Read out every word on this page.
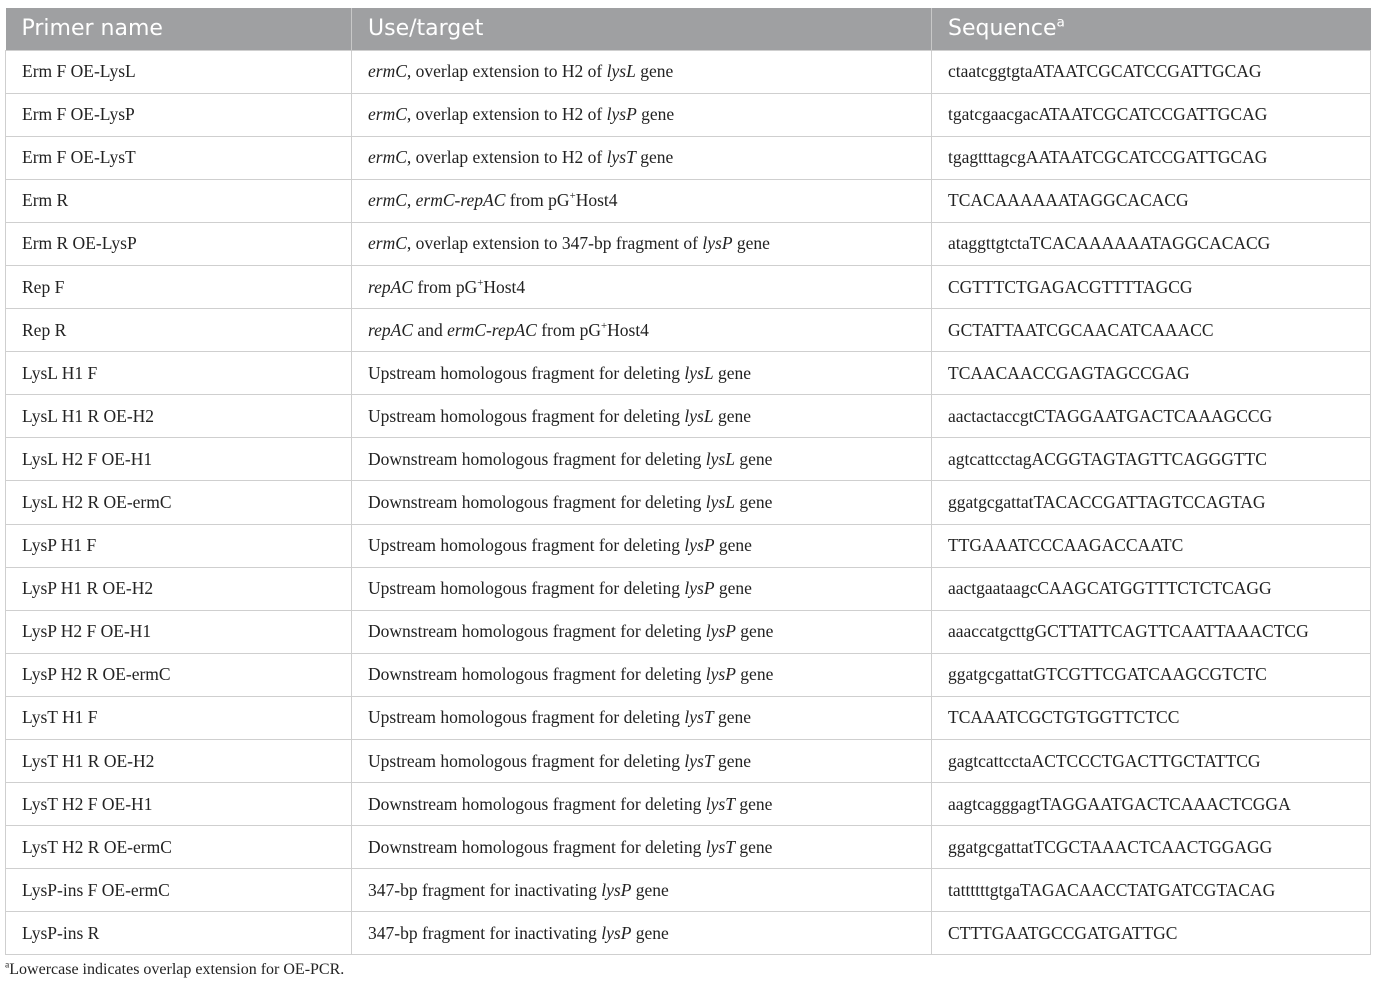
Primer name	Use/target	Sequence$^a$
Erm F OE-LysL	ermC, overlap extension to H2 of lysL gene	ctaatcggtgtaATAATCGCATCCGATTGCAG
Erm F OE-LysP	ermC, overlap extension to H2 of lysP gene	tgatcgaacgacATAATCGCATCCGATTGCAG
Erm F OE-LysT	ermC, overlap extension to H2 of lysT gene	tgagtttagcgAATAATCGCATCCGATTGCAG
Erm R	ermC, ermC-repAC from pG+Host4	TCACAAAAAATAGGCACACG
Erm R OE-LysP	ermC, overlap extension to 347-bp fragment of lysP gene	ataggttgtctaTCACAAAAAATAGGCACACG
Rep F	repAC from pG+Host4	CGTTTCTGAGACGTTTTAGCG
Rep R	repAC and ermC-repAC from pG+Host4	GCTATTAATCGCAACATCAAACC
LysL H1 F	Upstream homologous fragment for deleting lysL gene	TCAACAACCGAGTAGCCGAG
LysL H1 R OE-H2	Upstream homologous fragment for deleting lysL gene	aactactaccgtCTAGGAATGACTCAAAGCCG
LysL H2 F OE-H1	Downstream homologous fragment for deleting lysL gene	agtcattcctagACGGTAGTAGTTCAGGGTTC
LysL H2 R OE-ermC	Downstream homologous fragment for deleting lysL gene	ggatgcgattatTACACCGATTAGTCCAGTAG
LysP H1 F	Upstream homologous fragment for deleting lysP gene	TTGAAATCCCAAGACCAATC
LysP H1 R OE-H2	Upstream homologous fragment for deleting lysP gene	aactgaataagcCAAGCATGGTTTCTCTCAGG
LysP H2 F OE-H1	Downstream homologous fragment for deleting lysP gene	aaaccatgcttgGCTTATTCAGTTCAATTAAACTCG
LysP H2 R OE-ermC	Downstream homologous fragment for deleting lysP gene	ggatgcgattatGTCGTTCGATCAAGCGTCTC
LysT H1 F	Upstream homologous fragment for deleting lysT gene	TCAAATCGCTGTGGTTCTCC
LysT H1 R OE-H2	Upstream homologous fragment for deleting lysT gene	gagtcattcctaACTCCCTGACTTGCTATTCG
LysT H2 F OE-H1	Downstream homologous fragment for deleting lysT gene	aagtcagggagtTAGGAATGACTCAAACTCGGA
LysT H2 R OE-ermC	Downstream homologous fragment for deleting lysT gene	ggatgcgattatTCGCTAAACTCAACTGGAGG
LysP-ins F OE-ermC	347-bp fragment for inactivating lysP gene	tattttttgtgaTAGACAACCTATGATCGTACAG
LysP-ins R	347-bp fragment for inactivating lysP gene	CTTTGAATGCCGATGATTGC
$^a$Lowercase indicates overlap extension for OE-PCR.
